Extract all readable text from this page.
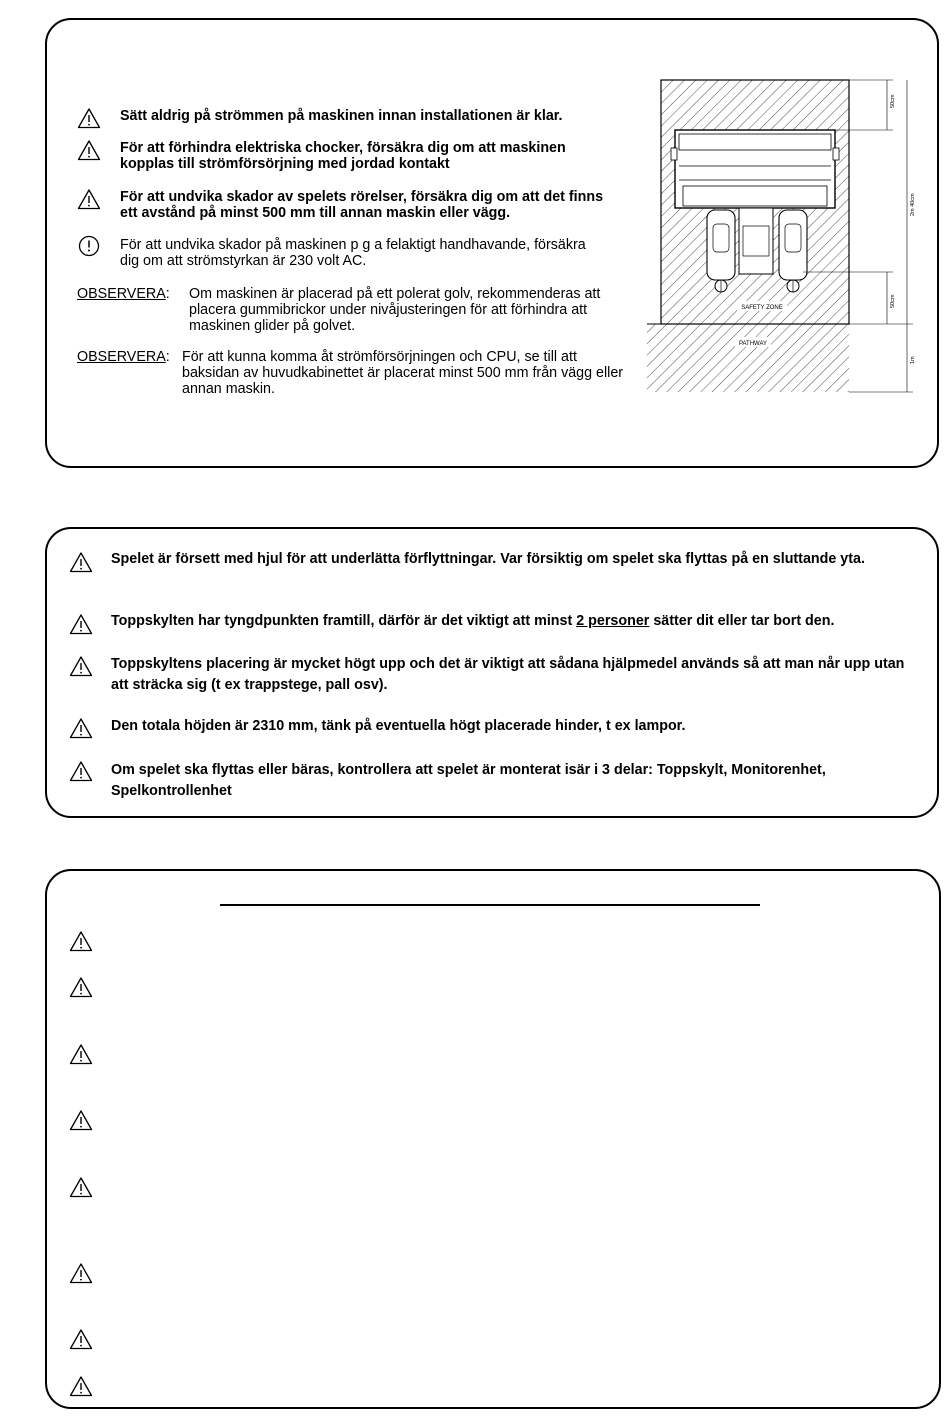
Sätt aldrig på strömmen på maskinen innan installationen är klar.
För att förhindra elektriska chocker, försäkra dig om att maskinen kopplas till strömförsörjning med jordad kontakt
För att undvika skador av spelets rörelser, försäkra dig om att det finns ett avstånd på minst 500 mm till annan maskin eller vägg.
För att undvika skador på maskinen p g a felaktigt handhavande, försäkra dig om att strömstyrkan är 230 volt AC.
OBSERVERA: Om maskinen är placerad på ett polerat golv, rekommenderas att placera gummibrickor under nivåjusteringen för att förhindra att maskinen glider på golvet.
OBSERVERA: För att kunna komma åt strömförsörjningen och CPU, se till att baksidan av huvudkabinettet är placerat minst 500 mm från vägg eller annan maskin.
SAFETY ZONE
PATHWAY
50cm
2m 40cm
50cm
1m
Spelet är försett med hjul för att underlätta förflyttningar. Var försiktig om spelet ska flyttas på en sluttande yta.
Toppskylten har tyngdpunkten framtill, därför är det viktigt att minst 2 personer sätter dit eller tar bort den.
Toppskyltens placering är mycket högt upp och det är viktigt att sådana hjälpmedel används så att man når upp utan att sträcka sig (t ex trappstege, pall osv).
Den totala höjden är 2310 mm, tänk på eventuella högt placerade hinder, t ex lampor.
Om spelet ska flyttas eller bäras, kontrollera att spelet är monterat isär i 3 delar: Toppskylt, Monitorenhet, Spelkontrollenhet
